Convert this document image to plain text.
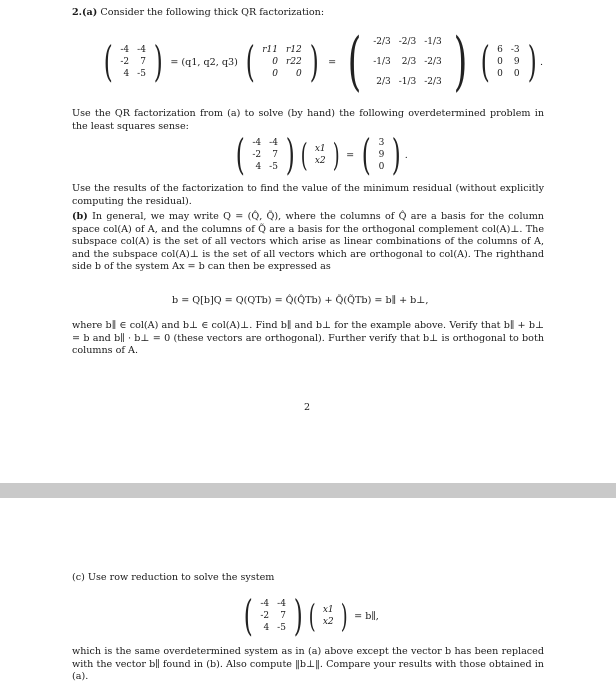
2.(a) Consider the following thick QR factorization:
( -4	-4
-2	7
4	-5 ) = (q1, q2, q3) ( r11	r12
0	r22
0	0 ) = ( -2/3	-2/3	-1/3
-1/3	2/3	-2/3
2/3	-1/3	-2/3 ) ( 6	-3
0	9
0	0 ) .
Use the QR factorization from (a) to solve (by hand) the following overdetermined problem in the least squares sense:
( -4	-4
-2	7
4	-5 ) ( x1
x2 ) = ( 3
9
0 ) .
Use the results of the factorization to find the value of the minimum residual (without explicitly computing the residual).
(b) In general, we may write Q = (Q̂, Q̃), where the columns of Q̂ are a basis for the column space col(A) of A, and the columns of Q̃ are a basis for the orthogonal complement col(A)⊥. The subspace col(A) is the set of all vectors which arise as linear combinations of the columns of A, and the subspace col(A)⊥ is the set of all vectors which are orthogonal to col(A). The righthand side b of the system Ax = b can then be expressed as
b = Q[b]Q = Q(QTb) = Q̂(Q̂Tb) + Q̃(Q̃Tb) = b∥ + b⊥,
where b∥ ∈ col(A) and b⊥ ∈ col(A)⊥. Find b∥ and b⊥ for the example above. Verify that b∥ + b⊥ = b and b∥ · b⊥ = 0 (these vectors are orthogonal). Further verify that b⊥ is orthogonal to both columns of A.
2
(c) Use row reduction to solve the system
( -4	-4
-2	7
4	-5 ) ( x1
x2 ) = b∥,
which is the same overdetermined system as in (a) above except the vector b has been replaced with the vector b∥ found in (b). Also compute ‖b⊥‖. Compare your results with those obtained in (a).
